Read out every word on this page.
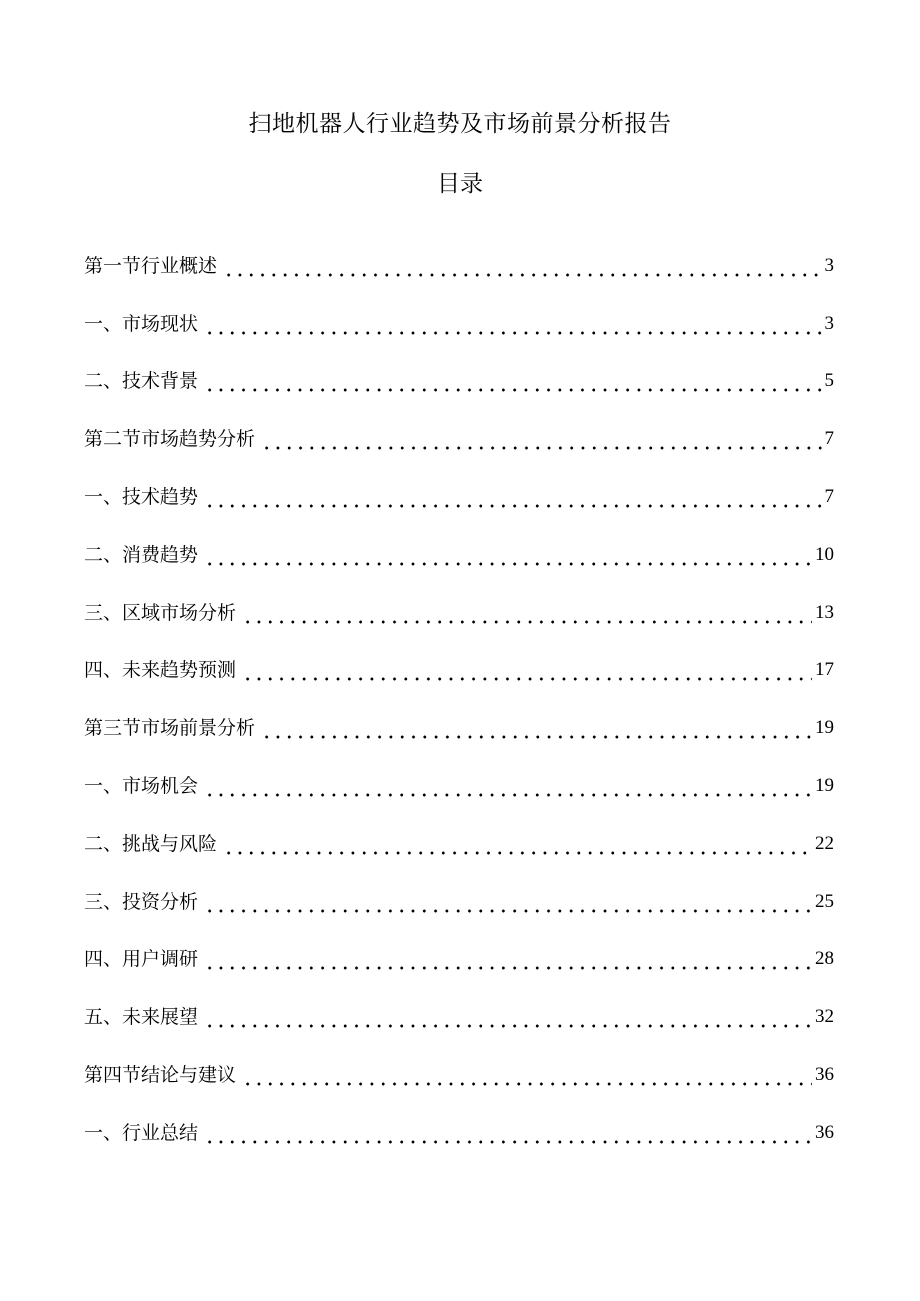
扫地机器人行业趋势及市场前景分析报告
目录
第一节行业概述	3
一、市场现状	3
二、技术背景	5
第二节市场趋势分析	7
一、技术趋势	7
二、消费趋势	10
三、区域市场分析	13
四、未来趋势预测	17
第三节市场前景分析	19
一、市场机会	19
二、挑战与风险	22
三、投资分析	25
四、用户调研	28
五、未来展望	32
第四节结论与建议	36
一、行业总结	36
